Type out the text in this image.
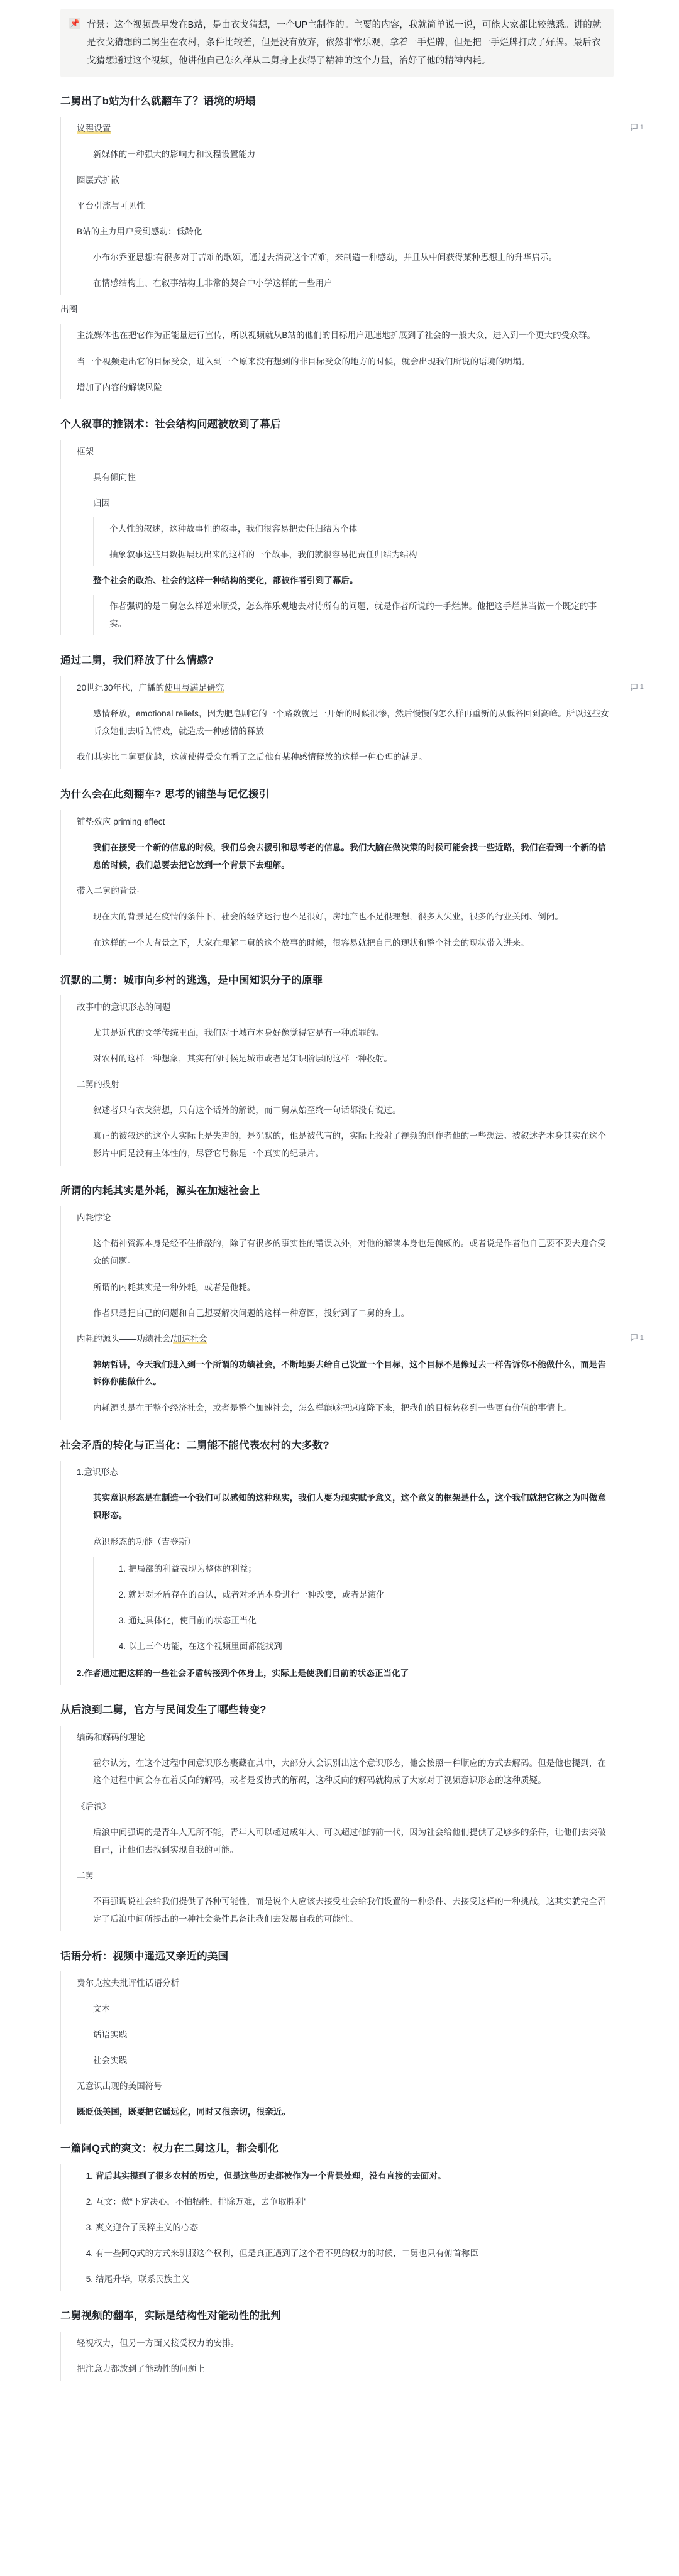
📌 背景：这个视频最早发在B站，是由衣戈猜想，一个UP主制作的。主要的内容，我就简单说一说，可能大家都比较熟悉。讲的就是衣戈猜想的二舅生在农村，条件比较差，但是没有放弃，依然非常乐观，拿着一手烂牌，但是把一手烂牌打成了好牌。最后衣戈猜想通过这个视频，他讲他自己怎么样从二舅身上获得了精神的这个力量，治好了他的精神内耗。
二舅出了b站为什么就翻车了？语境的坍塌
议程设置	1
新媒体的一种强大的影响力和议程设置能力
圈层式扩散
平台引流与可见性
B站的主力用户受到感动：低龄化
小布尔乔亚思想:有很多对于苦难的歌颂，通过去消费这个苦难，来制造一种感动，并且从中间获得某种思想上的升华启示。
在情感结构上、在叙事结构上非常的契合中小学这样的一些用户
出圈
主流媒体也在把它作为正能量进行宣传，所以视频就从B站的他们的目标用户迅速地扩展到了社会的一般大众，进入到一个更大的受众群。
当一个视频走出它的目标受众，进入到一个原来没有想到的非目标受众的地方的时候，就会出现我们所说的语境的坍塌。
增加了内容的解读风险
个人叙事的推锅术：社会结构问题被放到了幕后
框架
具有倾向性
归因
个人性的叙述，这种故事性的叙事，我们很容易把责任归结为个体
抽象叙事这些用数据展现出来的这样的一个故事，我们就很容易把责任归结为结构
整个社会的政治、社会的这样一种结构的变化，都被作者引到了幕后。
作者强调的是二舅怎么样逆来顺受，怎么样乐观地去对待所有的问题，就是作者所说的一手烂牌。他把这手烂牌当做一个既定的事实。
通过二舅，我们释放了什么情感?
20世纪30年代，广播的使用与满足研究	1
感情释放，emotional reliefs，因为肥皂剧它的一个路数就是一开始的时候很惨，然后慢慢的怎么样再重新的从低谷回到高峰。所以这些女听众她们去听苦情戏，就造成一种感情的释放
我们其实比二舅更优越，这就使得受众在看了之后他有某种感情释放的这样一种心理的满足。
为什么会在此刻翻车? 思考的铺垫与记忆援引
铺垫效应 priming effect
我们在接受一个新的信息的时候，我们总会去援引和思考老的信息。我们大脑在做决策的时候可能会找一些近路，我们在看到一个新的信息的时候，我们总要去把它放到一个背景下去理解。
带入二舅的背景·
现在大的背景是在疫情的条件下，社会的经济运行也不是很好，房地产也不是很理想，很多人失业，很多的行业关闭、倒闭。
在这样的一个大背景之下，大家在理解二舅的这个故事的时候，很容易就把自己的现状和整个社会的现状带入进来。
沉默的二舅：城市向乡村的逃逸，是中国知识分子的原罪
故事中的意识形态的问题
尤其是近代的文学传统里面，我们对于城市本身好像觉得它是有一种原罪的。
对农村的这样一种想象，其实有的时候是城市或者是知识阶层的这样一种投射。
二舅的投射
叙述者只有衣戈猜想，只有这个话外的解说，而二舅从始至终一句话都没有说过。
真正的被叙述的这个人实际上是失声的，是沉默的，他是被代言的，实际上投射了视频的制作者他的一些想法。被叙述者本身其实在这个影片中间是没有主体性的，尽管它号称是一个真实的纪录片。
所谓的内耗其实是外耗，源头在加速社会上
内耗悖论
这个精神资源本身是经不住推敲的，除了有很多的事实性的错误以外，对他的解读本身也是偏颇的。或者说是作者他自己要不要去迎合受众的问题。
所谓的内耗其实是一种外耗，或者是他耗。
作者只是把自己的问题和自己想要解决问题的这样一种意图，投射到了二舅的身上。
内耗的源头——功绩社会/加速社会	1
韩炳哲讲，今天我们进入到一个所谓的功绩社会，不断地要去给自己设置一个目标，这个目标不是像过去一样告诉你不能做什么，而是告诉你你能做什么。
内耗源头是在于整个经济社会，或者是整个加速社会，怎么样能够把速度降下来，把我们的目标转移到一些更有价值的事情上。
社会矛盾的转化与正当化：二舅能不能代表农村的大多数?
1.意识形态
其实意识形态是在制造一个我们可以感知的这种现实，我们人要为现实赋予意义，这个意义的框架是什么，这个我们就把它称之为叫做意识形态。
意识形态的功能（吉登斯）
1. 把局部的利益表现为整体的利益；
2. 就是对矛盾存在的否认，或者对矛盾本身进行一种改变，或者是演化
3. 通过具体化，使目前的状态正当化
4. 以上三个功能，在这个视频里面都能找到
2.作者通过把这样的一些社会矛盾转接到个体身上，实际上是使我们目前的状态正当化了
从后浪到二舅，官方与民间发生了哪些转变?
编码和解码的理论
霍尔认为，在这个过程中间意识形态裹藏在其中，大部分人会识别出这个意识形态，他会按照一种顺应的方式去解码。但是他也提到，在这个过程中间会存在着反向的解码，或者是妥协式的解码，这种反向的解码就构成了大家对于视频意识形态的这种质疑。
《后浪》
后浪中间强调的是青年人无所不能，青年人可以超过成年人、可以超过他的前一代，因为社会给他们提供了足够多的条件，让他们去突破自己，让他们去找到实现自我的可能。
二舅
不再强调说社会给我们提供了各种可能性，而是说个人应该去接受社会给我们设置的一种条件、去接受这样的一种挑战，这其实就完全否定了后浪中间所提出的一种社会条件具备让我们去发展自我的可能性。
话语分析：视频中遥远又亲近的美国
费尔克拉夫批评性话语分析
文本
话语实践
社会实践
无意识出现的美国符号
既贬低美国，既要把它遥远化，同时又很亲切，很亲近。
一篇阿Q式的爽文：权力在二舅这儿，都会驯化
1. 背后其实提到了很多农村的历史，但是这些历史都被作为一个背景处理，没有直接的去面对。
2. 互文：做“下定决心，不怕牺牲，排除万难，去争取胜利”
3. 爽文迎合了民粹主义的心态
4. 有一些阿Q式的方式来驯服这个权利，但是真正遇到了这个看不见的权力的时候，二舅也只有俯首称臣
5. 结尾升华，联系民族主义
二舅视频的翻车，实际是结构性对能动性的批判
轻视权力，但另一方面又接受权力的安排。
把注意力都放到了能动性的问题上
